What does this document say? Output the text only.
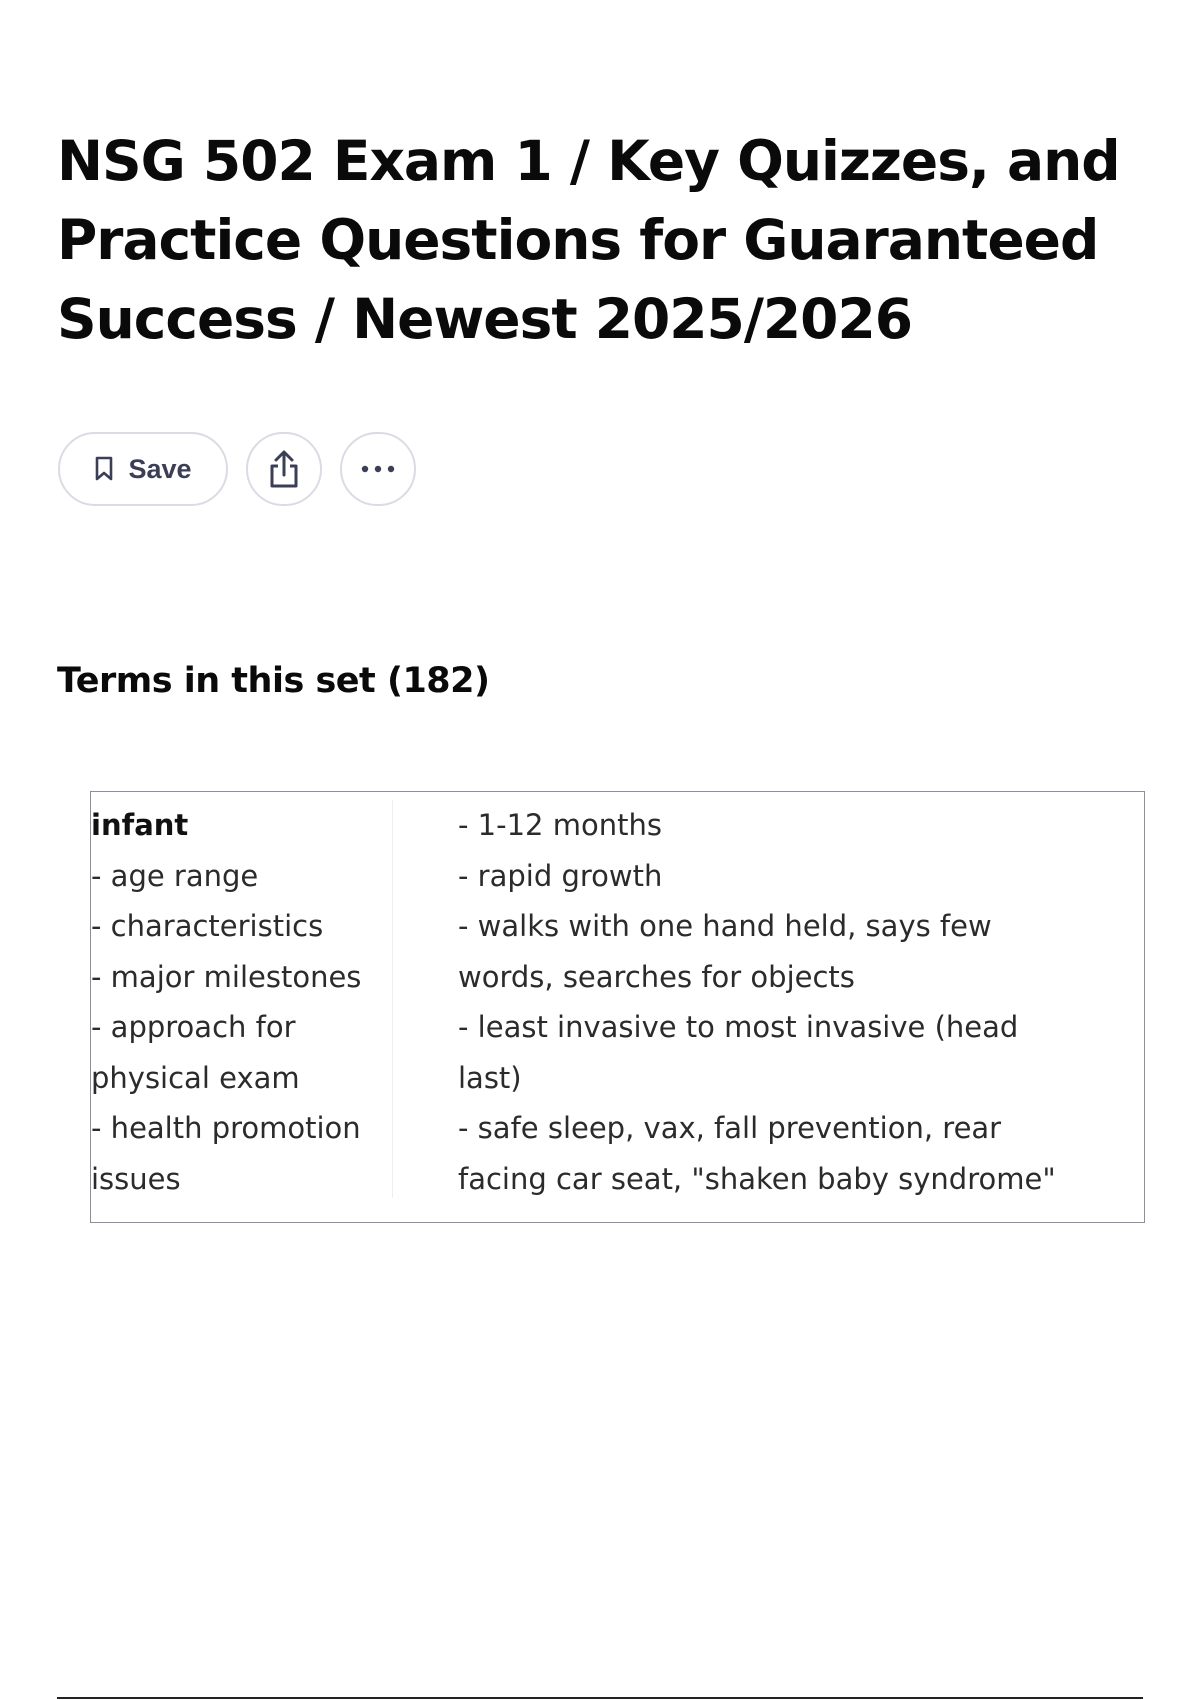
NSG 502 Exam 1 / Key Quizzes, and
Practice Questions for Guaranteed
Success / Newest 2025/2026
Save
Terms in this set (182)
infant
- age range
- characteristics
- major milestones
- approach for
physical exam
- health promotion
issues
- 1-12 months
- rapid growth
- walks with one hand held, says few
words, searches for objects
- least invasive to most invasive (head
last)
- safe sleep, vax, fall prevention, rear
facing car seat, "shaken baby syndrome"
